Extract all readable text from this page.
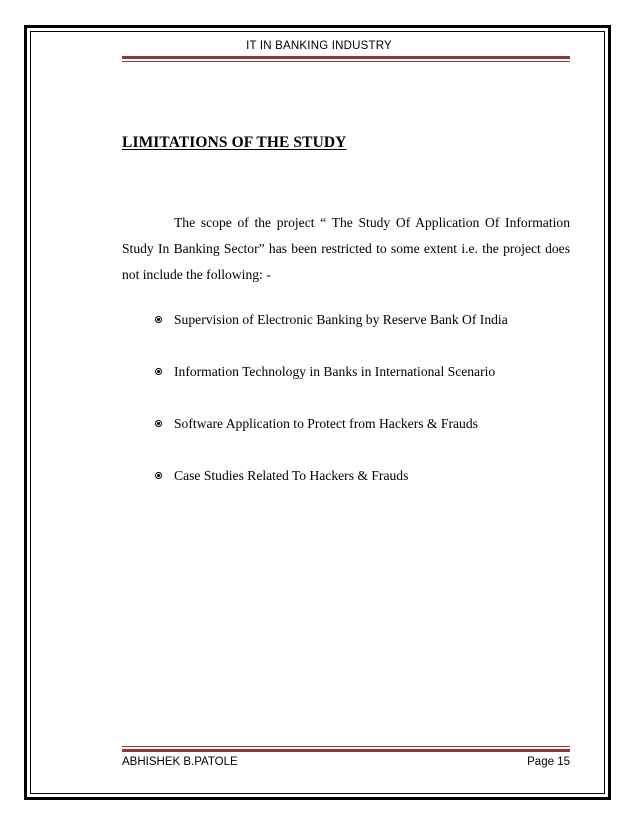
IT IN BANKING INDUSTRY
LIMITATIONS OF THE STUDY

The scope of the project “ The Study Of Application Of Information Study In Banking Sector” has been restricted to some extent i.e. the project does not include the following: -

Supervision of Electronic Banking by Reserve Bank Of India
Information Technology in Banks in International Scenario
Software Application to Protect from Hackers & Frauds
Case Studies Related To Hackers & Frauds
ABHISHEK B.PATOLE	Page 15
